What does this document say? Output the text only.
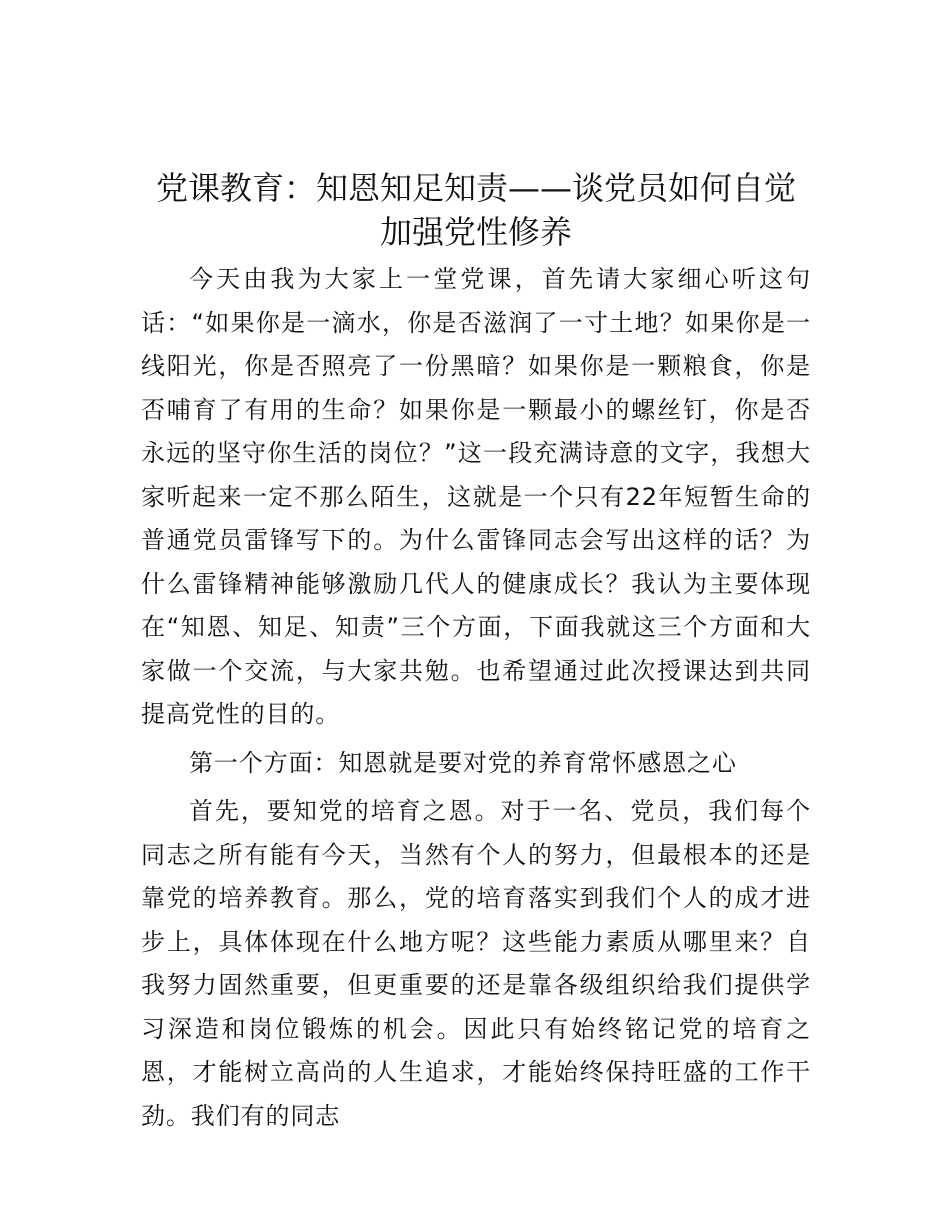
党课教育：知恩知足知责——谈党员如何自觉
加强党性修养

今天由我为大家上一堂党课，首先请大家细心听这句话：“如果你是一滴水，你是否滋润了一寸土地？如果你是一线阳光，你是否照亮了一份黑暗？如果你是一颗粮食，你是否哺育了有用的生命？如果你是一颗最小的螺丝钉，你是否永远的坚守你生活的岗位？”这一段充满诗意的文字，我想大家听起来一定不那么陌生，这就是一个只有22年短暂生命的普通党员雷锋写下的。为什么雷锋同志会写出这样的话？为什么雷锋精神能够激励几代人的健康成长？我认为主要体现在“知恩、知足、知责”三个方面，下面我就这三个方面和大家做一个交流，与大家共勉。也希望通过此次授课达到共同提高党性的目的。

第一个方面：知恩就是要对党的养育常怀感恩之心

首先，要知党的培育之恩。对于一名、党员，我们每个同志之所有能有今天，当然有个人的努力，但最根本的还是靠党的培养教育。那么，党的培育落实到我们个人的成才进步上，具体体现在什么地方呢？这些能力素质从哪里来？自我努力固然重要，但更重要的还是靠各级组织给我们提供学习深造和岗位锻炼的机会。因此只有始终铭记党的培育之恩，才能树立高尚的人生追求，才能始终保持旺盛的工作干劲。我们有的同志
